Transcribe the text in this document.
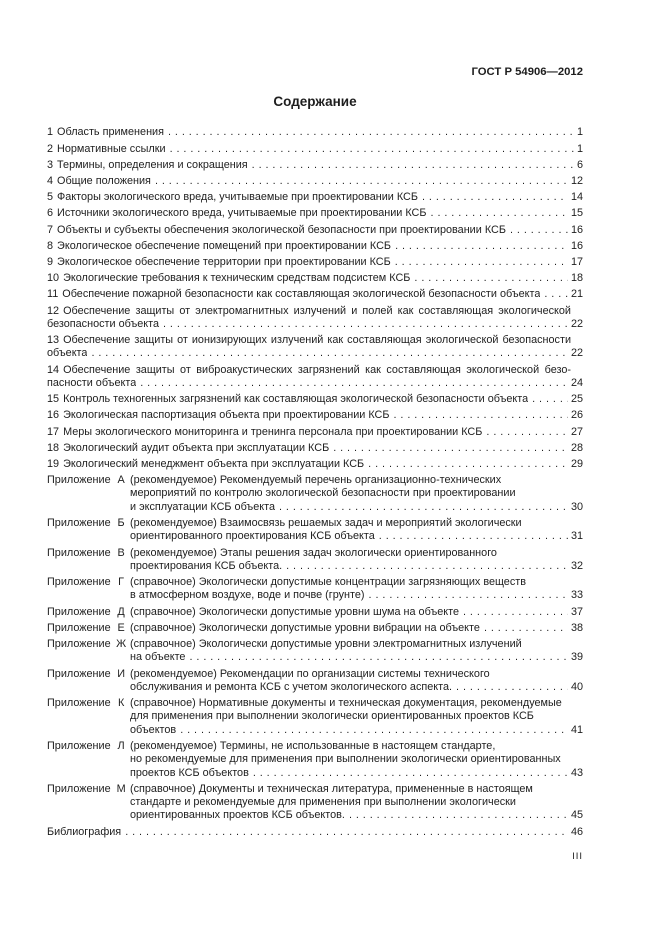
ГОСТ Р 54906—2012
Содержание
1 Область применения . . .	1
2 Нормативные ссылки . . .	1
3 Термины, определения и сокращения . . .	6
4 Общие положения . . .	12
5 Факторы экологического вреда, учитываемые при проектировании КСБ . . .	14
6 Источники экологического вреда, учитываемые при проектировании КСБ . . .	15
7 Объекты и субъекты обеспечения экологической безопасности при проектировании КСБ . . .	16
8 Экологическое обеспечение помещений при проектировании КСБ . . .	16
9 Экологическое обеспечение территории при проектировании КСБ . . .	17
10 Экологические требования к техническим средствам подсистем КСБ . . .	18
11 Обеспечение пожарной безопасности как составляющая экологической безопасности объекта . . .	21
12 Обеспечение защиты от электромагнитных излучений и полей как составляющая экологической
безопасности объекта . . .	22
13 Обеспечение защиты от ионизирующих излучений как составляющая экологической безопасности
объекта . . .	22
14 Обеспечение защиты от виброакустических загрязнений как составляющая экологической безо-
пасности объекта . . .	24
15 Контроль техногенных загрязнений как составляющая экологической безопасности объекта . . .	25
16 Экологическая паспортизация объекта при проектировании КСБ . . .	26
17 Меры экологического мониторинга и тренинга персонала при проектировании КСБ . . .	27
18 Экологический аудит объекта при эксплуатации КСБ . . .	28
19 Экологический менеджмент объекта при эксплуатации КСБ . . .	29
Приложение А (рекомендуемое) Рекомендуемый перечень организационно-технических
мероприятий по контролю экологической безопасности при проектировании
и эксплуатации КСБ объекта . . .	30
Приложение Б (рекомендуемое) Взаимосвязь решаемых задач и мероприятий экологически
ориентированного проектирования КСБ объекта . . .	31
Приложение В (рекомендуемое) Этапы решения задач экологически ориентированного
проектирования КСБ объекта. . . .	32
Приложение Г (справочное) Экологически допустимые концентрации загрязняющих веществ
в атмосферном воздухе, воде и почве (грунте) . . .	33
Приложение Д (справочное) Экологически допустимые уровни шума на объекте . . .	37
Приложение Е (справочное) Экологически допустимые уровни вибрации на объекте . . .	38
Приложение Ж (справочное) Экологически допустимые уровни электромагнитных излучений
на объекте . . .	39
Приложение И (рекомендуемое) Рекомендации по организации системы технического
обслуживания и ремонта КСБ с учетом экологического аспекта. . . .	40
Приложение К (справочное) Нормативные документы и техническая документация, рекомендуемые
для применения при выполнении экологически ориентированных проектов КСБ
объектов . . .	41
Приложение Л (рекомендуемое) Термины, не использованные в настоящем стандарте,
но рекомендуемые для применения при выполнении экологически ориентированных
проектов КСБ объектов . . .	43
Приложение М (справочное) Документы и техническая литература, примененные в настоящем
стандарте и рекомендуемые для применения при выполнении экологически
ориентированных проектов КСБ объектов. . . .	45
Библиография . . .	46
III
